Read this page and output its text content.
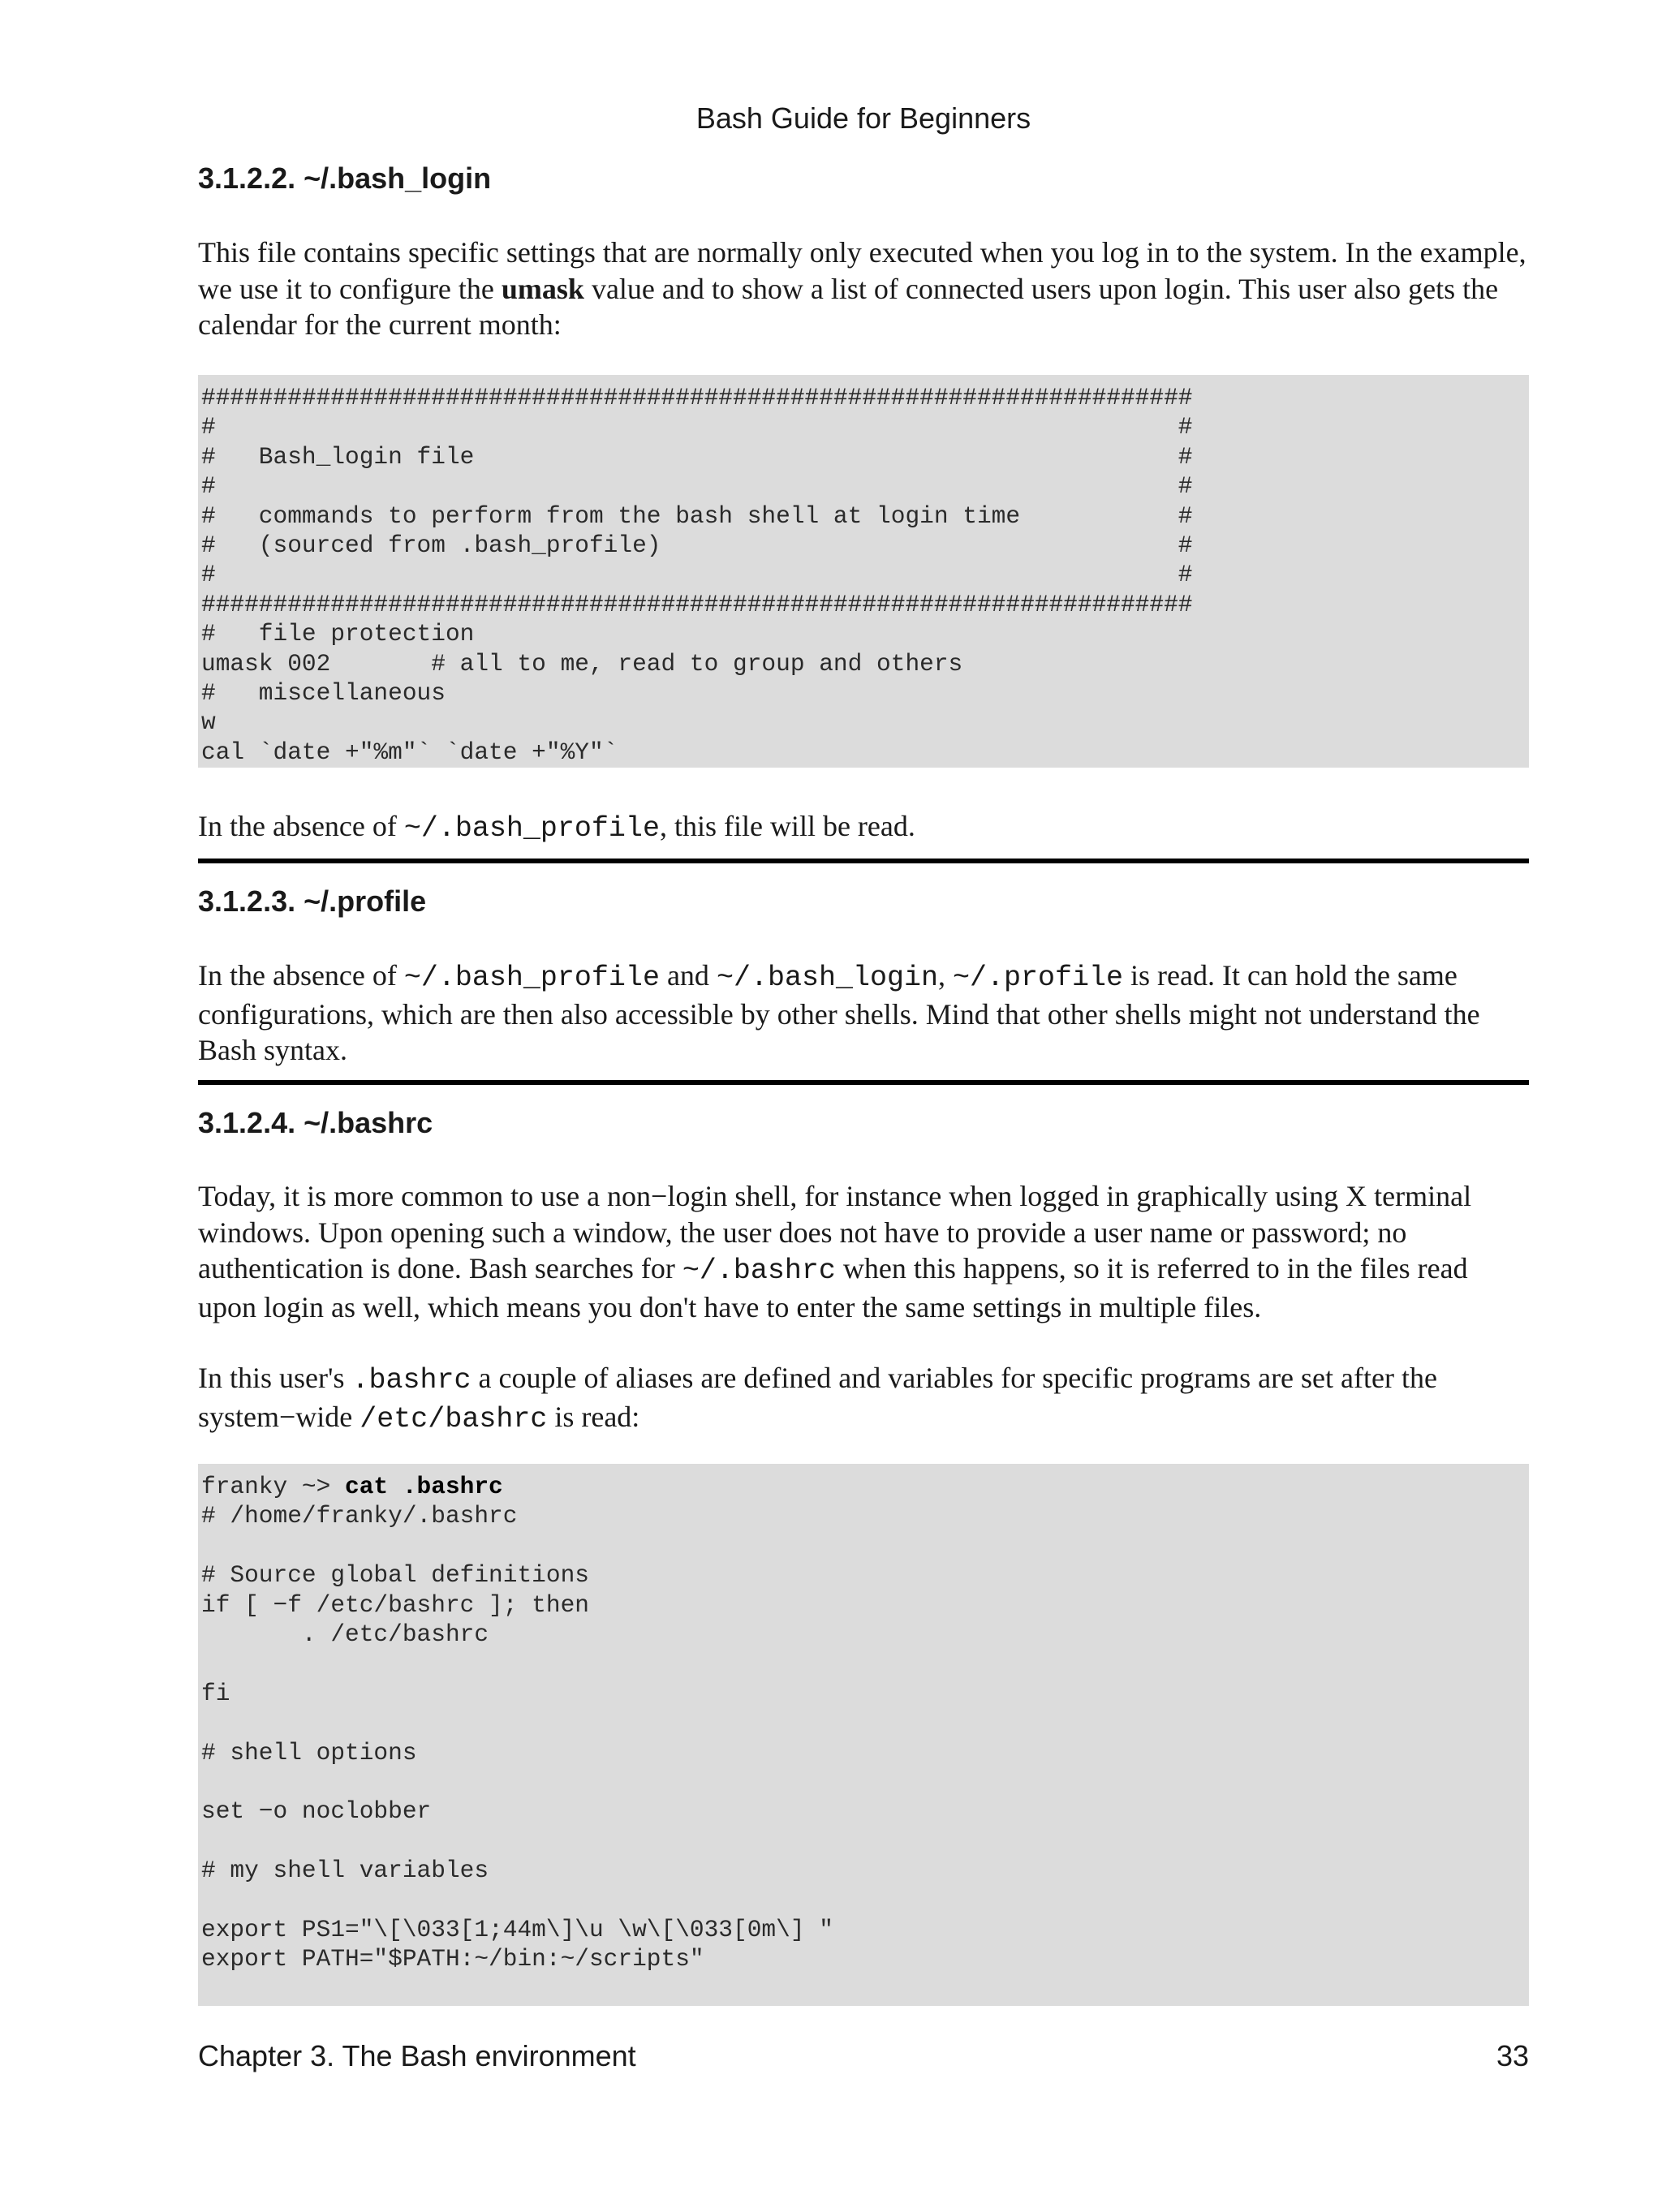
Bash Guide for Beginners
3.1.2.2. ~/.bash_login

This file contains specific settings that are normally only executed when you log in to the system. In the example, we use it to configure the umask value and to show a list of connected users upon login. This user also gets the calendar for the current month:

#####################################################################
#                                                                   #
#   Bash_login file                                                 #
#                                                                   #
#   commands to perform from the bash shell at login time           #
#   (sourced from .bash_profile)                                    #
#                                                                   #
#####################################################################
#   file protection
umask 002       # all to me, read to group and others
#   miscellaneous
w
cal `date +"%m"` `date +"%Y"`

In the absence of ~/.bash_profile, this file will be read.

3.1.2.3. ~/.profile

In the absence of ~/.bash_profile and ~/.bash_login, ~/.profile is read. It can hold the same configurations, which are then also accessible by other shells. Mind that other shells might not understand the Bash syntax.

3.1.2.4. ~/.bashrc

Today, it is more common to use a non−login shell, for instance when logged in graphically using X terminal windows. Upon opening such a window, the user does not have to provide a user name or password; no authentication is done. Bash searches for ~/.bashrc when this happens, so it is referred to in the files read upon login as well, which means you don't have to enter the same settings in multiple files.

In this user's .bashrc a couple of aliases are defined and variables for specific programs are set after the system−wide /etc/bashrc is read:

franky ~> cat .bashrc
# /home/franky/.bashrc
# Source global definitions
if [ −f /etc/bashrc ]; then
. /etc/bashrc
fi
# shell options
set −o noclobber
# my shell variables
export PS1="\[\033[1;44m\]\u \w\[\033[0m\] "
export PATH="$PATH:~/bin:~/scripts"
Chapter 3. The Bash environment	33
